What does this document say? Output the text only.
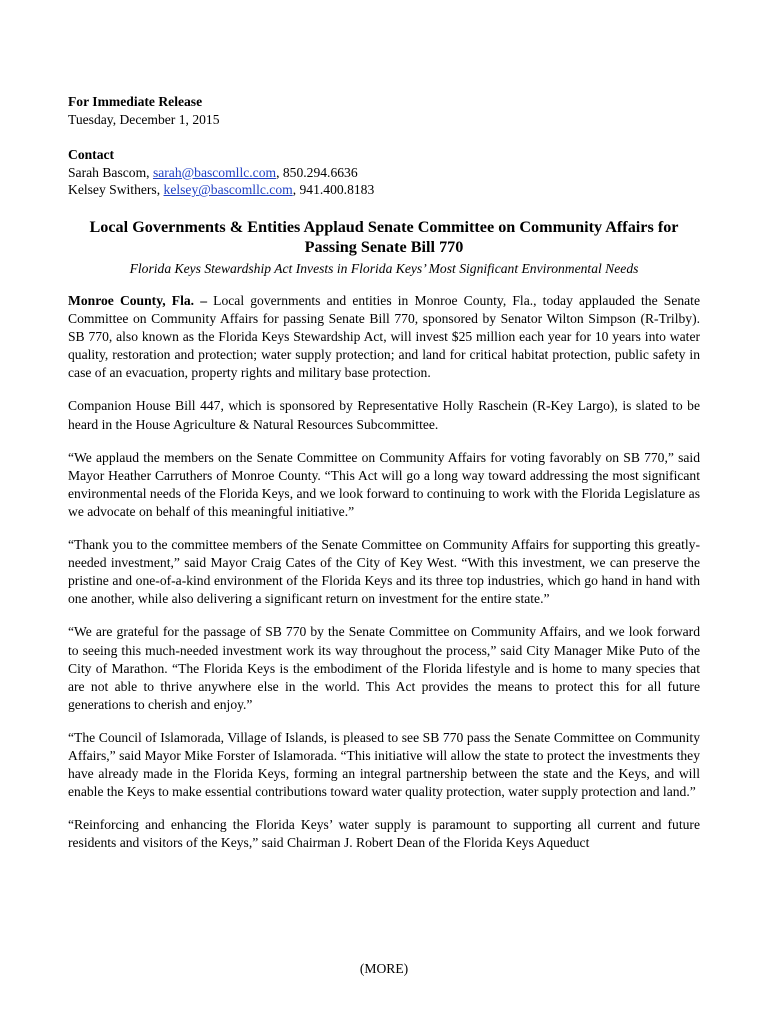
For Immediate Release
Tuesday, December 1, 2015
Contact
Sarah Bascom, sarah@bascomllc.com, 850.294.6636
Kelsey Swithers, kelsey@bascomllc.com, 941.400.8183
Local Governments & Entities Applaud Senate Committee on Community Affairs for Passing Senate Bill 770
Florida Keys Stewardship Act Invests in Florida Keys’ Most Significant Environmental Needs

Monroe County, Fla. – Local governments and entities in Monroe County, Fla., today applauded the Senate Committee on Community Affairs for passing Senate Bill 770, sponsored by Senator Wilton Simpson (R-Trilby). SB 770, also known as the Florida Keys Stewardship Act, will invest $25 million each year for 10 years into water quality, restoration and protection; water supply protection; and land for critical habitat protection, public safety in case of an evacuation, property rights and military base protection.

Companion House Bill 447, which is sponsored by Representative Holly Raschein (R-Key Largo), is slated to be heard in the House Agriculture & Natural Resources Subcommittee.

“We applaud the members on the Senate Committee on Community Affairs for voting favorably on SB 770,” said Mayor Heather Carruthers of Monroe County. “This Act will go a long way toward addressing the most significant environmental needs of the Florida Keys, and we look forward to continuing to work with the Florida Legislature as we advocate on behalf of this meaningful initiative.”

“Thank you to the committee members of the Senate Committee on Community Affairs for supporting this greatly-needed investment,” said Mayor Craig Cates of the City of Key West. “With this investment, we can preserve the pristine and one-of-a-kind environment of the Florida Keys and its three top industries, which go hand in hand with one another, while also delivering a significant return on investment for the entire state.”

“We are grateful for the passage of SB 770 by the Senate Committee on Community Affairs, and we look forward to seeing this much-needed investment work its way throughout the process,” said City Manager Mike Puto of the City of Marathon. “The Florida Keys is the embodiment of the Florida lifestyle and is home to many species that are not able to thrive anywhere else in the world. This Act provides the means to protect this for all future generations to cherish and enjoy.”

“The Council of Islamorada, Village of Islands, is pleased to see SB 770 pass the Senate Committee on Community Affairs,” said Mayor Mike Forster of Islamorada. “This initiative will allow the state to protect the investments they have already made in the Florida Keys, forming an integral partnership between the state and the Keys, and will enable the Keys to make essential contributions toward water quality protection, water supply protection and land.”

“Reinforcing and enhancing the Florida Keys’ water supply is paramount to supporting all current and future residents and visitors of the Keys,” said Chairman J. Robert Dean of the Florida Keys Aqueduct

(MORE)
